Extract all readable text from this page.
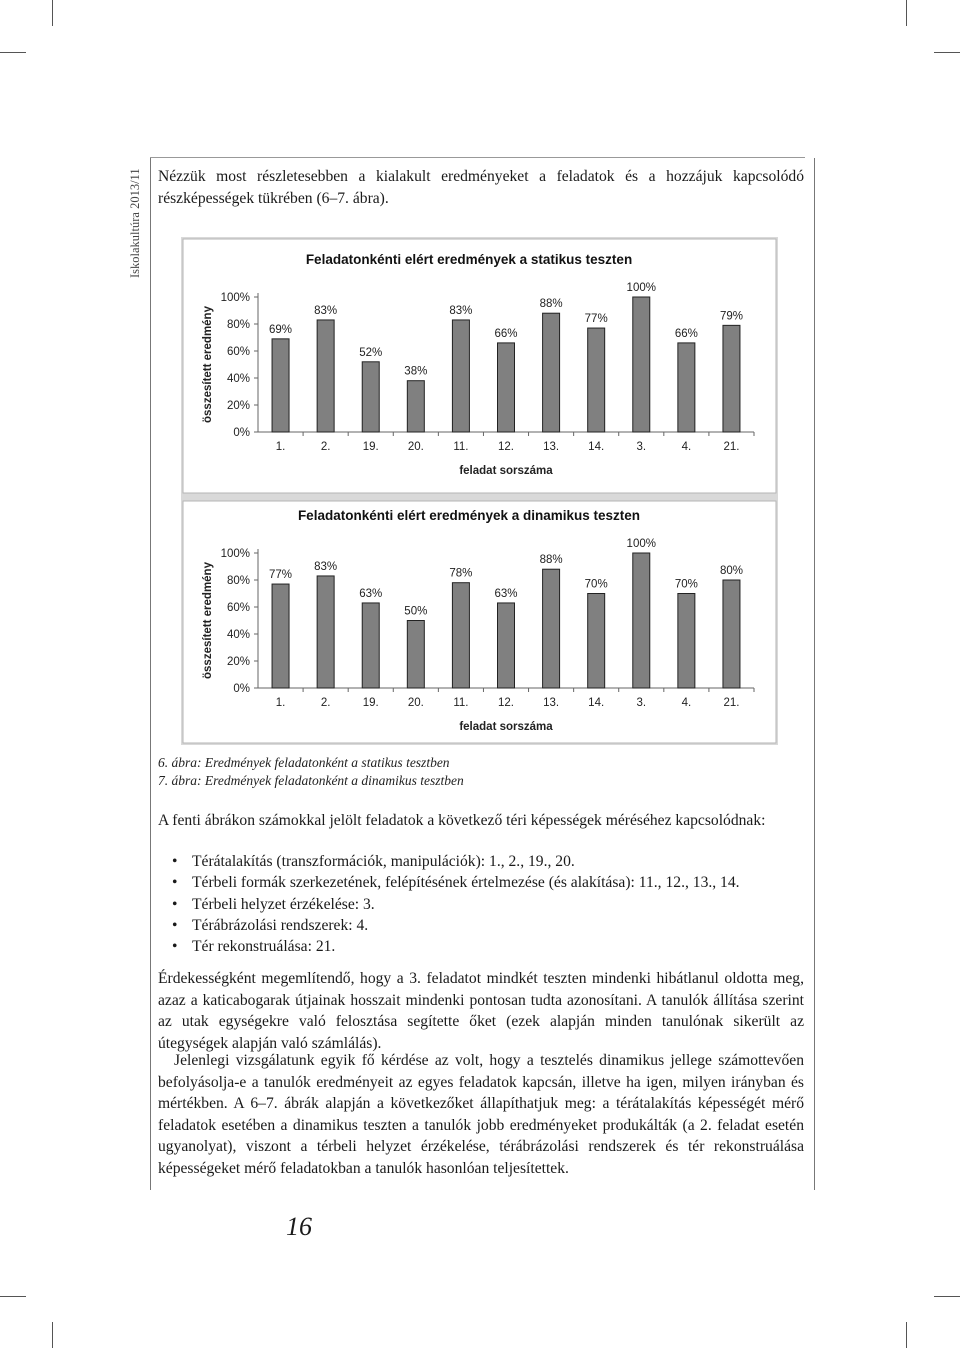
Iskolakultúra 2013/11 Nézzük most részletesebben a kialakult eredményeket a feladatok és a hozzájuk kapcsolódó részképességek tükrében (6–7. ábra).
Feladatonkénti elért eredmények a statikus teszten
0%
20%
40%
60%
80%
100%
összesített eredmény	69%
1.
83%
2.
52%
19.
38%
20.
83%
11.
66%
12.
88%
13.
77%
14.
100%
3.
66%
4.
79%
21.
feladat sorszáma
Feladatonkénti elért eredmények a dinamikus teszten
0%
20%
40%
60%
80%
100%
összesített eredmény	77%
1.
83%
2.
63%
19.
50%
20.
78%
11.
63%
12.
88%
13.
70%
14.
100%
3.
70%
4.
80%
21.
feladat sorszáma
6. ábra: Eredmények feladatonként a statikus tesztben
7. ábra: Eredmények feladatonként a dinamikus tesztben
A fenti ábrákon számokkal jelölt feladatok a következő téri képességek méréséhez kapcsolódnak:
• Térátalakítás (transzformációk, manipulációk): 1., 2., 19., 20.
• Térbeli formák szerkezetének, felépítésének értelmezése (és alakítása): 11., 12., 13., 14.
• Térbeli helyzet érzékelése: 3.
• Térábrázolási rendszerek: 4.
• Tér rekonstruálása: 21.
Érdekességként megemlítendő, hogy a 3. feladatot mindkét teszten mindenki hibátlanul oldotta meg, azaz a katicabogarak útjainak hosszait mindenki pontosan tudta azonosítani. A tanulók állítása szerint az utak egységekre való felosztása segítette őket (ezek alapján minden tanulónak sikerült az útegységek alapján való számlálás).
Jelenlegi vizsgálatunk egyik fő kérdése az volt, hogy a tesztelés dinamikus jellege számottevően befolyásolja-e a tanulók eredményeit az egyes feladatok kapcsán, illetve ha igen, milyen irányban és mértékben. A 6–7. ábrák alapján a következőket állapíthatjuk meg: a térátalakítás képességét mérő feladatok esetében a dinamikus teszten a tanulók jobb eredményeket produkálták (a 2. feladat esetén ugyanolyat), viszont a térbeli helyzet érzékelése, térábrázolási rendszerek és tér rekonstruálása képességeket mérő feladatokban a tanulók hasonlóan teljesítettek.
16
